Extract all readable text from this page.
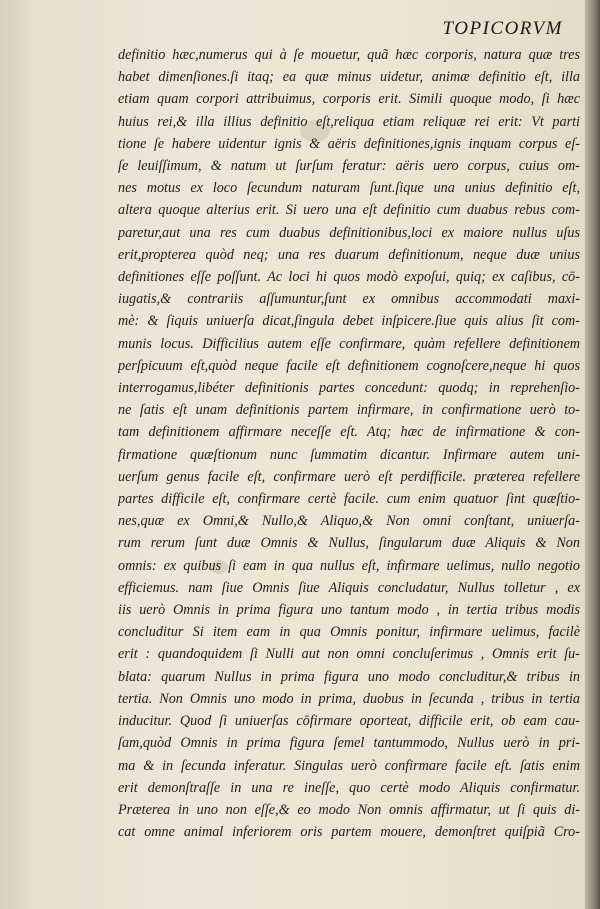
TOPICORVM
definitio hæc,numerus qui à ſe mouetur, quã hæc corporis, natura quæ tres
habet dimenſiones.ſi itaq; ea quæ minus uidetur, animæ definitio eſt, illa
etiam quam corpori attribuimus, corporis erit. Simili quoque modo, ſi hæc
huius rei,& illa illius definitio eſt,reliqua etiam reliquæ rei erit: Vt parti
tione ſe habere uidentur ignis & aëris definitiones,ignis inquam corpus eſ-
ſe leuiſſimum, & natum ut ſurſum feratur: aëris uero corpus, cuius om-
nes motus ex loco ſecundum naturam ſunt.ſique una unius definitio eſt,
altera quoque alterius erit. Si uero una eſt definitio cum duabus rebus com-
paretur,aut una res cum duabus definitionibus,loci ex maiore nullus uſus
erit,propterea quòd neq; una res duarum definitionum, neque duæ unius
definitiones eſſe poſſunt. Ac loci hi quos modò expoſui, quiq; ex caſibus, cō-
iugatis,& contrariis aſſumuntur,ſunt ex omnibus accommodati maxi-
mè: & ſiquis uniuerſa dicat,ſingula debet inſpicere.ſiue quis alius ſit com-
munis locus. Difficilius autem eſſe confirmare, quàm refellere definitionem
perſpicuum eſt,quòd neque facile eſt definitionem cognoſcere,neque hi quos
interrogamus,libéter definitionis partes concedunt: quodq; in reprehenſio-
ne ſatis eſt unam definitionis partem infirmare, in confirmatione uerò to-
tam definitionem affirmare neceſſe eſt. Atq; hæc de infirmatione & con-
firmatione quæſtionum nunc ſummatim dicantur. Infirmare autem uni-
uerſum genus facile eſt, confirmare uerò eſt perdifficile. præterea refellere
partes difficile eſt, confirmare certè facile. cum enim quatuor ſint quæſtio-
nes,quæ ex Omni,& Nullo,& Aliquo,& Non omni conſtant, uniuerſa-
rum rerum ſunt duæ Omnis & Nullus, ſingularum duæ Aliquis & Non
omnis: ex quibus ſi eam in qua nullus eſt, infirmare uelimus, nullo negotio
efficiemus. nam ſiue Omnis ſiue Aliquis concludatur, Nullus tolletur , ex
iis uerò Omnis in prima figura uno tantum modo , in tertia tribus modis
concluditur Si item eam in qua Omnis ponitur, infirmare uelimus, facilè
erit : quandoquidem ſi Nulli aut non omni concluſerimus , Omnis erit ſu-
blata: quarum Nullus in prima figura uno modo concluditur,& tribus in
tertia. Non Omnis uno modo in prima, duobus in ſecunda , tribus in tertia
inducitur. Quod ſi uniuerſas cōfirmare oporteat, difficile erit, ob eam cau-
ſam,quòd Omnis in prima figura ſemel tantummodo, Nullus uerò in pri-
ma & in ſecunda inferatur. Singulas uerò confirmare facile eſt. ſatis enim
erit demonſtraſſe in una re ineſſe, quo certè modo Aliquis confirmatur.
Præterea in uno non eſſe,& eo modo Non omnis affirmatur, ut ſi quis di-
cat omne animal inferiorem oris partem mouere, demonſtret quiſpiã Cro-
